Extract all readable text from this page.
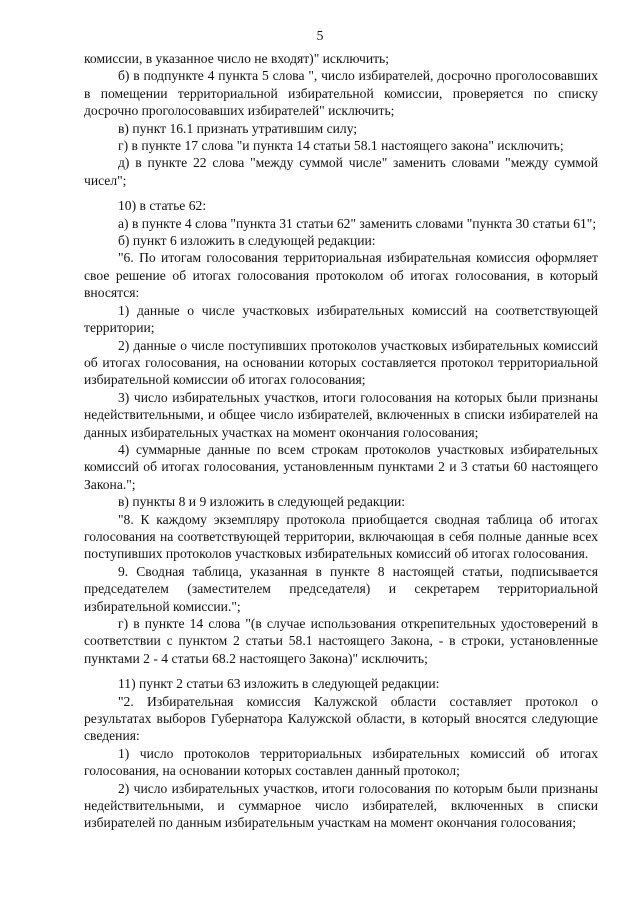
5

комиссии, в указанное число не входят)" исключить;

б) в подпункте 4 пункта 5 слова ", число избирателей, досрочно проголосовавших в помещении территориальной избирательной комиссии, проверяется по списку досрочно проголосовавших избирателей" исключить;

в) пункт 16.1 признать утратившим силу;

г) в пункте 17 слова "и пункта 14 статьи 58.1 настоящего закона" исключить;

д) в пункте 22 слова "между суммой числе" заменить словами "между суммой чисел";

10) в статье 62:

а) в пункте 4 слова "пункта 31 статьи 62" заменить словами "пункта 30 статьи 61";

б) пункт 6 изложить в следующей редакции:

"6. По итогам голосования территориальная избирательная комиссия оформляет свое решение об итогах голосования протоколом об итогах голосования, в который вносятся:

1) данные о числе участковых избирательных комиссий на соответствующей территории;

2) данные о числе поступивших протоколов участковых избирательных комиссий об итогах голосования, на основании которых составляется протокол территориальной избирательной комиссии об итогах голосования;

3) число избирательных участков, итоги голосования на которых были признаны недействительными, и общее число избирателей, включенных в списки избирателей на данных избирательных участках на момент окончания голосования;

4) суммарные данные по всем строкам протоколов участковых избирательных комиссий об итогах голосования, установленным пунктами 2 и 3 статьи 60 настоящего Закона.";

в) пункты 8 и 9 изложить в следующей редакции:

"8. К каждому экземпляру протокола приобщается сводная таблица об итогах голосования на соответствующей территории, включающая в себя полные данные всех поступивших протоколов участковых избирательных комиссий об итогах голосования.

9. Сводная таблица, указанная в пункте 8 настоящей статьи, подписывается председателем (заместителем председателя) и секретарем территориальной избирательной комиссии.";

г) в пункте 14 слова "(в случае использования открепительных удостоверений в соответствии с пунктом 2 статьи 58.1 настоящего Закона, - в строки, установленные пунктами 2 - 4 статьи 68.2 настоящего Закона)" исключить;

11) пункт 2 статьи 63 изложить в следующей редакции:

"2. Избирательная комиссия Калужской области составляет протокол о результатах выборов Губернатора Калужской области, в который вносятся следующие сведения:

1) число протоколов территориальных избирательных комиссий об итогах голосования, на основании которых составлен данный протокол;

2) число избирательных участков, итоги голосования по которым были признаны недействительными, и суммарное число избирателей, включенных в списки избирателей по данным избирательным участкам на момент окончания голосования;
